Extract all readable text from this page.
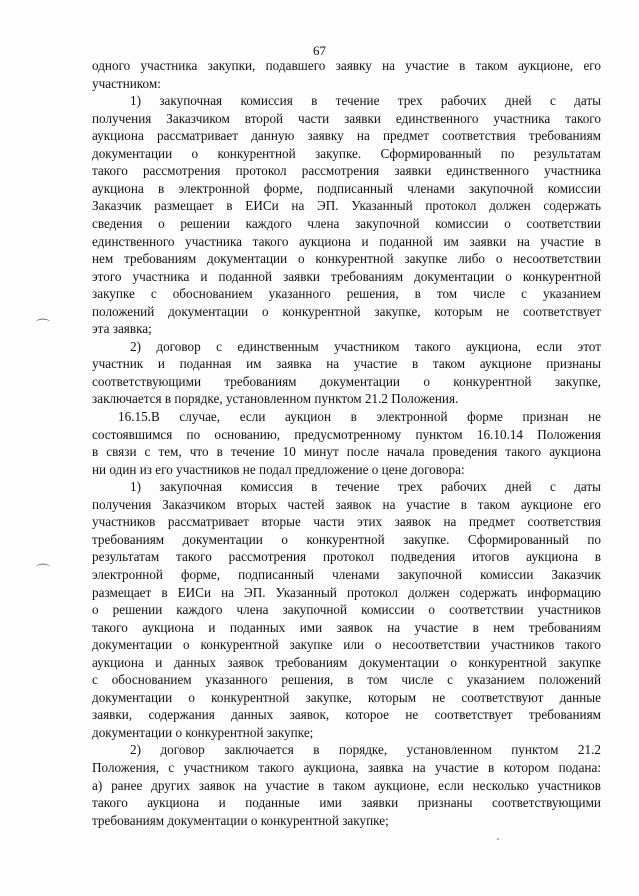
67
одного участника закупки, подавшего заявку на участие в таком аукционе, его
участником:
1) закупочная комиссия в течение трех рабочих дней с даты
получения Заказчиком второй части заявки единственного участника такого
аукциона рассматривает данную заявку на предмет соответствия требованиям
документации о конкурентной закупке. Сформированный по результатам
такого рассмотрения протокол рассмотрения заявки единственного участника
аукциона в электронной форме, подписанный членами закупочной комиссии
Заказчик размещает в ЕИСи на ЭП. Указанный протокол должен содержать
сведения о решении каждого члена закупочной комиссии о соответствии
единственного участника такого аукциона и поданной им заявки на участие в
нем требованиям документации о конкурентной закупке либо о несоответствии
этого участника и поданной заявки требованиям документации о конкурентной
закупке с обоснованием указанного решения, в том числе с указанием
положений документации о конкурентной закупке, которым не соответствует
эта заявка;
2) договор с единственным участником такого аукциона, если этот
участник и поданная им заявка на участие в таком аукционе признаны
соответствующими требованиям документации о конкурентной закупке,
заключается в порядке, установленном пунктом 21.2 Положения.
16.15.В случае, если аукцион в электронной форме признан не
состоявшимся по основанию, предусмотренному пунктом 16.10.14 Положения
в связи с тем, что в течение 10 минут после начала проведения такого аукциона
ни один из его участников не подал предложение о цене договора:
1) закупочная комиссия в течение трех рабочих дней с даты
получения Заказчиком вторых частей заявок на участие в таком аукционе его
участников рассматривает вторые части этих заявок на предмет соответствия
требованиям документации о конкурентной закупке. Сформированный по
результатам такого рассмотрения протокол подведения итогов аукциона в
электронной форме, подписанный членами закупочной комиссии Заказчик
размещает в ЕИСи на ЭП. Указанный протокол должен содержать информацию
о решении каждого члена закупочной комиссии о соответствии участников
такого аукциона и поданных ими заявок на участие в нем требованиям
документации о конкурентной закупке или о несоответствии участников такого
аукциона и данных заявок требованиям документации о конкурентной закупке
с обоснованием указанного решения, в том числе с указанием положений
документации о конкурентной закупке, которым не соответствуют данные
заявки, содержания данных заявок, которое не соответствует требованиям
документации о конкурентной закупке;
2) договор заключается в порядке, установленном пунктом 21.2
Положения, с участником такого аукциона, заявка на участие в котором подана:
а) ранее других заявок на участие в таком аукционе, если несколько участников
такого аукциона и поданные ими заявки признаны соответствующими
требованиям документации о конкурентной закупке;
⌒
⌒
